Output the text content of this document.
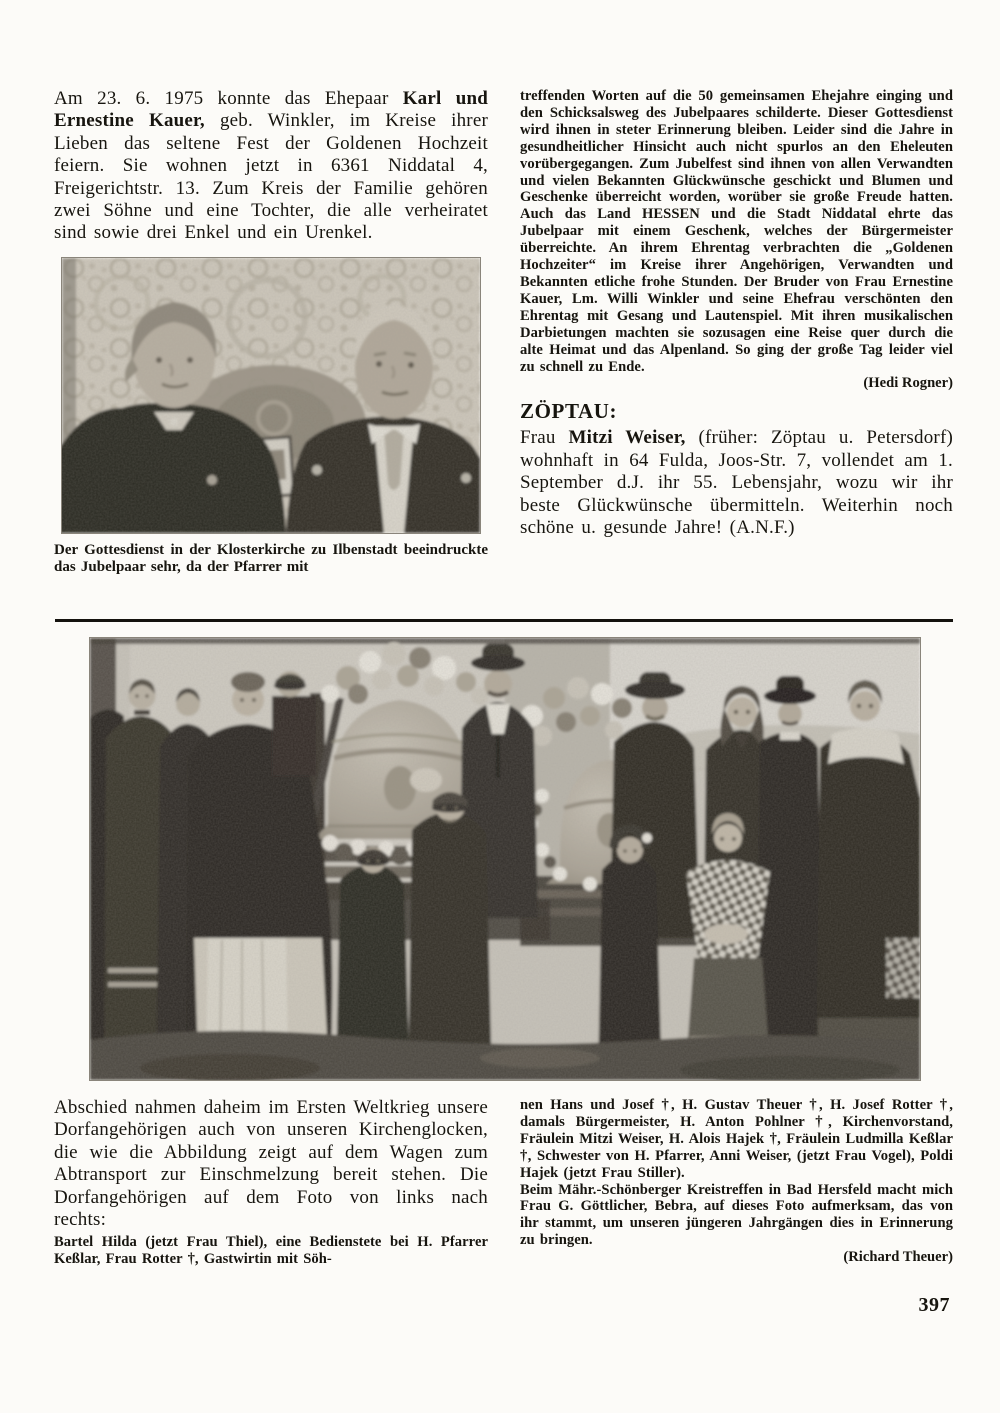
Am 23. 6. 1975 konnte das Ehepaar Karl und Ernestine Kauer, geb. Winkler, im Kreise ihrer Lieben das seltene Fest der Goldenen Hochzeit feiern. Sie wohnen jetzt in 6361 Niddatal 4, Freigerichtstr. 13. Zum Kreis der Familie gehören zwei Söhne und eine Tochter, die alle verheiratet sind sowie drei Enkel und ein Urenkel.

Der Gottesdienst in der Klosterkirche zu Ilbenstadt beeindruckte das Jubelpaar sehr, da der Pfarrer mit

treffenden Worten auf die 50 gemeinsamen Ehejahre einging und den Schicksalsweg des Jubelpaares schilderte. Dieser Gottesdienst wird ihnen in steter Erinnerung bleiben. Leider sind die Jahre in gesundheitlicher Hinsicht auch nicht spurlos an den Eheleuten vorübergegangen. Zum Jubelfest sind ihnen von allen Verwandten und vielen Bekannten Glückwünsche geschickt und Blumen und Geschenke überreicht worden, worüber sie große Freude hatten. Auch das Land HESSEN und die Stadt Niddatal ehrte das Jubelpaar mit einem Geschenk, welches der Bürgermeister überreichte. An ihrem Ehrentag verbrachten die „Goldenen Hochzeiter“ im Kreise ihrer Angehörigen, Verwandten und Bekannten etliche frohe Stunden. Der Bruder von Frau Ernestine Kauer, Lm. Willi Winkler und seine Ehefrau verschönten den Ehrentag mit Gesang und Lautenspiel. Mit ihren musikalischen Darbietungen machten sie sozusagen eine Reise quer durch die alte Heimat und das Alpenland. So ging der große Tag leider viel zu schnell zu Ende.

(Hedi Rogner)

ZÖPTAU:

Frau Mitzi Weiser, (früher: Zöptau u. Petersdorf) wohnhaft in 64 Fulda, Joos-Str. 7, vollendet am 1. September d.J. ihr 55. Lebensjahr, wozu wir ihr beste Glückwünsche übermitteln. Weiterhin noch schöne u. gesunde Jahre! (A.N.F.)

Abschied nahmen daheim im Ersten Weltkrieg unsere Dorfangehörigen auch von unseren Kirchenglocken, die wie die Abbildung zeigt auf dem Wagen zum Abtransport zur Einschmelzung bereit stehen. Die Dorfangehörigen auf dem Foto von links nach rechts:

Bartel Hilda (jetzt Frau Thiel), eine Bedienstete bei H. Pfarrer Keßlar, Frau Rotter †, Gastwirtin mit Söh-

nen Hans und Josef †, H. Gustav Theuer †, H. Josef Rotter †, damals Bürgermeister, H. Anton Pohlner †, Kirchenvorstand, Fräulein Mitzi Weiser, H. Alois Hajek †, Fräulein Ludmilla Keßlar †, Schwester von H. Pfarrer, Anni Weiser, (jetzt Frau Vogel), Poldi Hajek (jetzt Frau Stiller).

Beim Mähr.-Schönberger Kreistreffen in Bad Hersfeld macht mich Frau G. Göttlicher, Bebra, auf dieses Foto aufmerksam, das von ihr stammt, um unseren jüngeren Jahrgängen dies in Erinnerung zu bringen.

(Richard Theuer)

397
